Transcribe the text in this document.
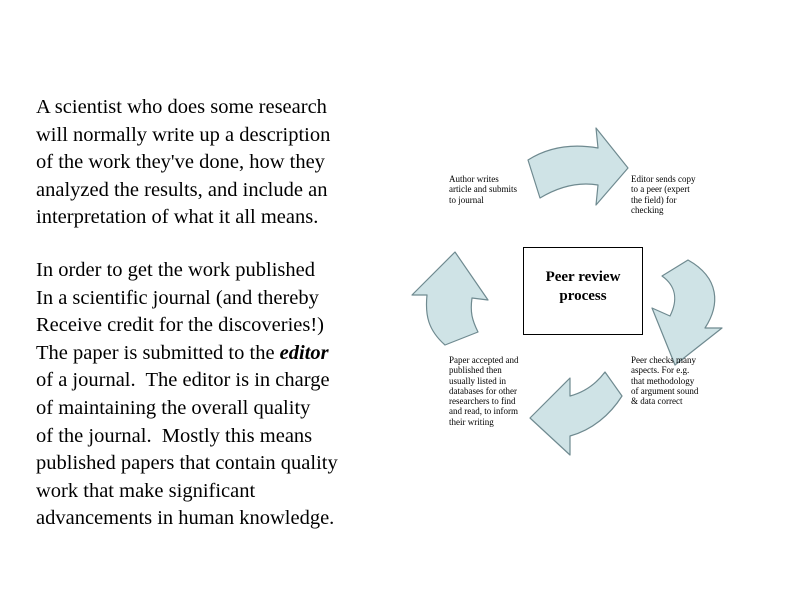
A scientist who does some research
will normally write up a description
of the work they've done, how they
analyzed the results, and include an
interpretation of what it all means.
In order to get the work published
In a scientific journal (and thereby
Receive credit for the discoveries!)
The paper is submitted to the editor
of a journal.  The editor is in charge
of maintaining the overall quality
of the journal.  Mostly this means
published papers that contain quality
work that make significant
advancements in human knowledge.
Peer review
process
Author writes
article and submits
to journal
Editor sends copy
to a peer (expert
the field) for
checking
Peer checks many
aspects. For e.g.
that methodology
of argument sound
& data correct
Paper accepted and
published then
usually listed in
databases for other
researchers to find
and read, to inform
their writing
